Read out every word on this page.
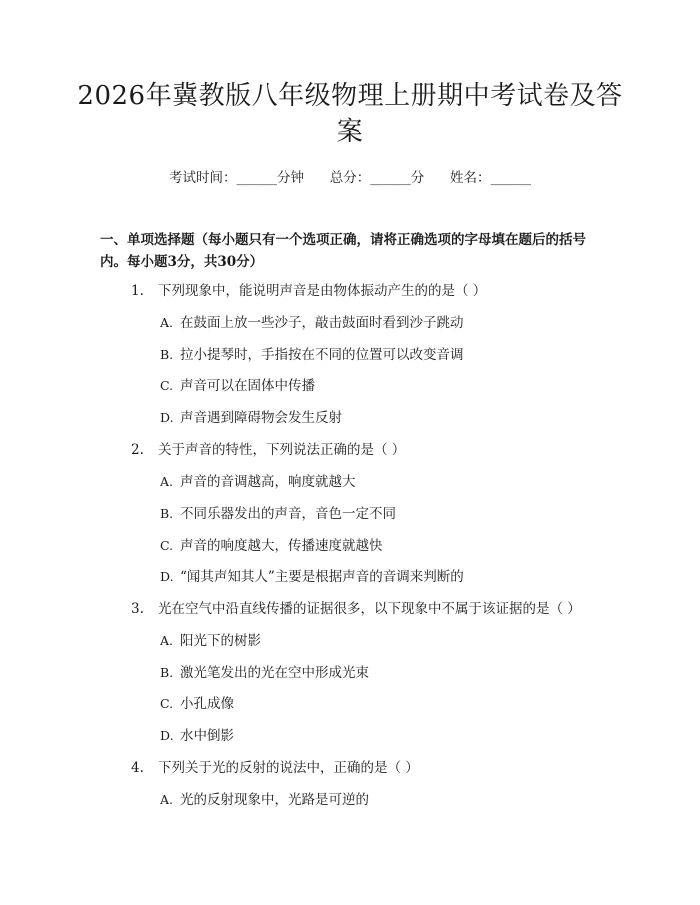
2026年冀教版八年级物理上册期中考试卷及答案
考试时间：______分钟      总分：______分      姓名：______
一、单项选择题（每小题只有一个选项正确，请将正确选项的字母填在题后的括号内。每小题3分，共30分）
1. 下列现象中，能说明声音是由物体振动产生的的是（ ）
A. 在鼓面上放一些沙子，敲击鼓面时看到沙子跳动
B. 拉小提琴时，手指按在不同的位置可以改变音调
C. 声音可以在固体中传播
D. 声音遇到障碍物会发生反射
2. 关于声音的特性，下列说法正确的是（ ）
A. 声音的音调越高，响度就越大
B. 不同乐器发出的声音，音色一定不同
C. 声音的响度越大，传播速度就越快
D. “闻其声知其人”主要是根据声音的音调来判断的
3. 光在空气中沿直线传播的证据很多，以下现象中不属于该证据的是（ ）
A. 阳光下的树影
B. 激光笔发出的光在空中形成光束
C. 小孔成像
D. 水中倒影
4. 下列关于光的反射的说法中，正确的是（ ）
A. 光的反射现象中，光路是可逆的
